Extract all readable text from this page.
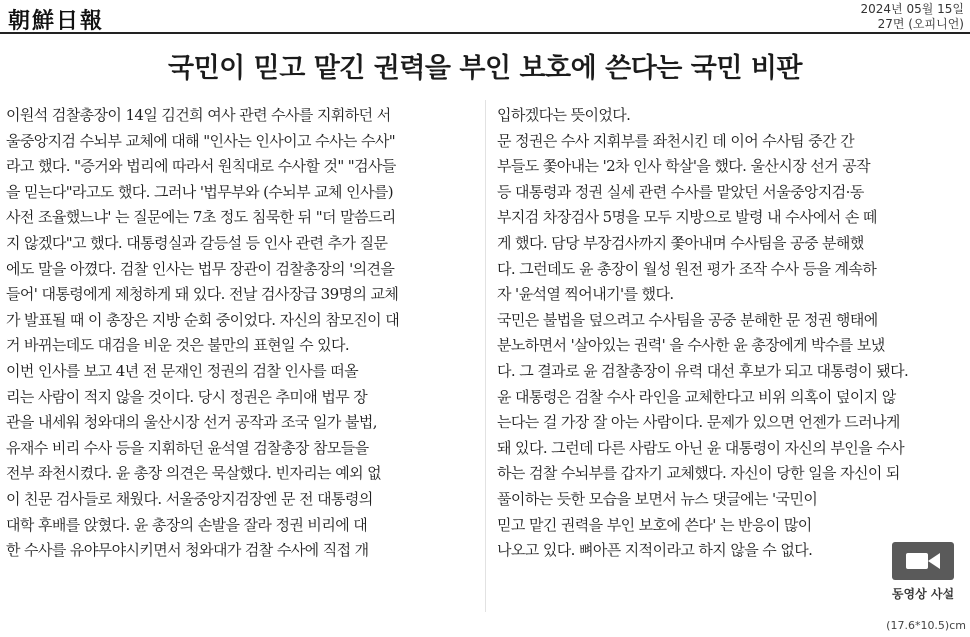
朝鮮日報	2024년 05월 15일
27면 (오피니언)
국민이 믿고 맡긴 권력을 부인 보호에 쓴다는 국민 비판
이원석 검찰총장이 14일 김건희 여사 관련 수사를 지휘하던 서
울중앙지검 수뇌부 교체에 대해 "인사는 인사이고 수사는 수사"
라고 했다. "증거와 법리에 따라서 원칙대로 수사할 것" "검사들
을 믿는다"라고도 했다. 그러나 '법무부와 (수뇌부 교체 인사를)
사전 조율했느냐' 는 질문에는 7초 정도 침묵한 뒤 "더 말씀드리
지 않겠다"고 했다. 대통령실과 갈등설 등 인사 관련 추가 질문
에도 말을 아꼈다. 검찰 인사는 법무 장관이 검찰총장의 '의견을
들어' 대통령에게 제청하게 돼 있다. 전날 검사장급 39명의 교체
가 발표될 때 이 총장은 지방 순회 중이었다. 자신의 참모진이 대
거 바뀌는데도 대검을 비운 것은 불만의 표현일 수 있다.
이번 인사를 보고 4년 전 문재인 정권의 검찰 인사를 떠올
리는 사람이 적지 않을 것이다. 당시 정권은 추미애 법무 장
관을 내세워 청와대의 울산시장 선거 공작과 조국 일가 불법,
유재수 비리 수사 등을 지휘하던 윤석열 검찰총장 참모들을
전부 좌천시켰다. 윤 총장 의견은 묵살했다. 빈자리는 예외 없
이 친문 검사들로 채웠다. 서울중앙지검장엔 문 전 대통령의
대학 후배를 앉혔다. 윤 총장의 손발을 잘라 정권 비리에 대
한 수사를 유야무야시키면서 청와대가 검찰 수사에 직접 개
입하겠다는 뜻이었다.
문 정권은 수사 지휘부를 좌천시킨 데 이어 수사팀 중간 간
부들도 쫓아내는 '2차 인사 학살'을 했다. 울산시장 선거 공작
등 대통령과 정권 실세 관련 수사를 맡았던 서울중앙지검·동
부지검 차장검사 5명을 모두 지방으로 발령 내 수사에서 손 떼
게 했다. 담당 부장검사까지 쫓아내며 수사팀을 공중 분해했
다. 그런데도 윤 총장이 월성 원전 평가 조작 수사 등을 계속하
자 '윤석열 찍어내기'를 했다.
국민은 불법을 덮으려고 수사팀을 공중 분해한 문 정권 행태에
분노하면서 '살아있는 권력' 을 수사한 윤 총장에게 박수를 보냈
다. 그 결과로 윤 검찰총장이 유력 대선 후보가 되고 대통령이 됐다.
윤 대통령은 검찰 수사 라인을 교체한다고 비위 의혹이 덮이지 않
는다는 걸 가장 잘 아는 사람이다. 문제가 있으면 언젠가 드러나게
돼 있다. 그런데 다른 사람도 아닌 윤 대통령이 자신의 부인을 수사
하는 검찰 수뇌부를 갑자기 교체했다. 자신이 당한 일을 자신이 되
풀이하는 듯한 모습을 보면서 뉴스 댓글에는 '국민이
믿고 맡긴 권력을 부인 보호에 쓴다' 는 반응이 많이
나오고 있다. 뼈아픈 지적이라고 하지 않을 수 없다.
동영상 사설
(17.6*10.5)cm
